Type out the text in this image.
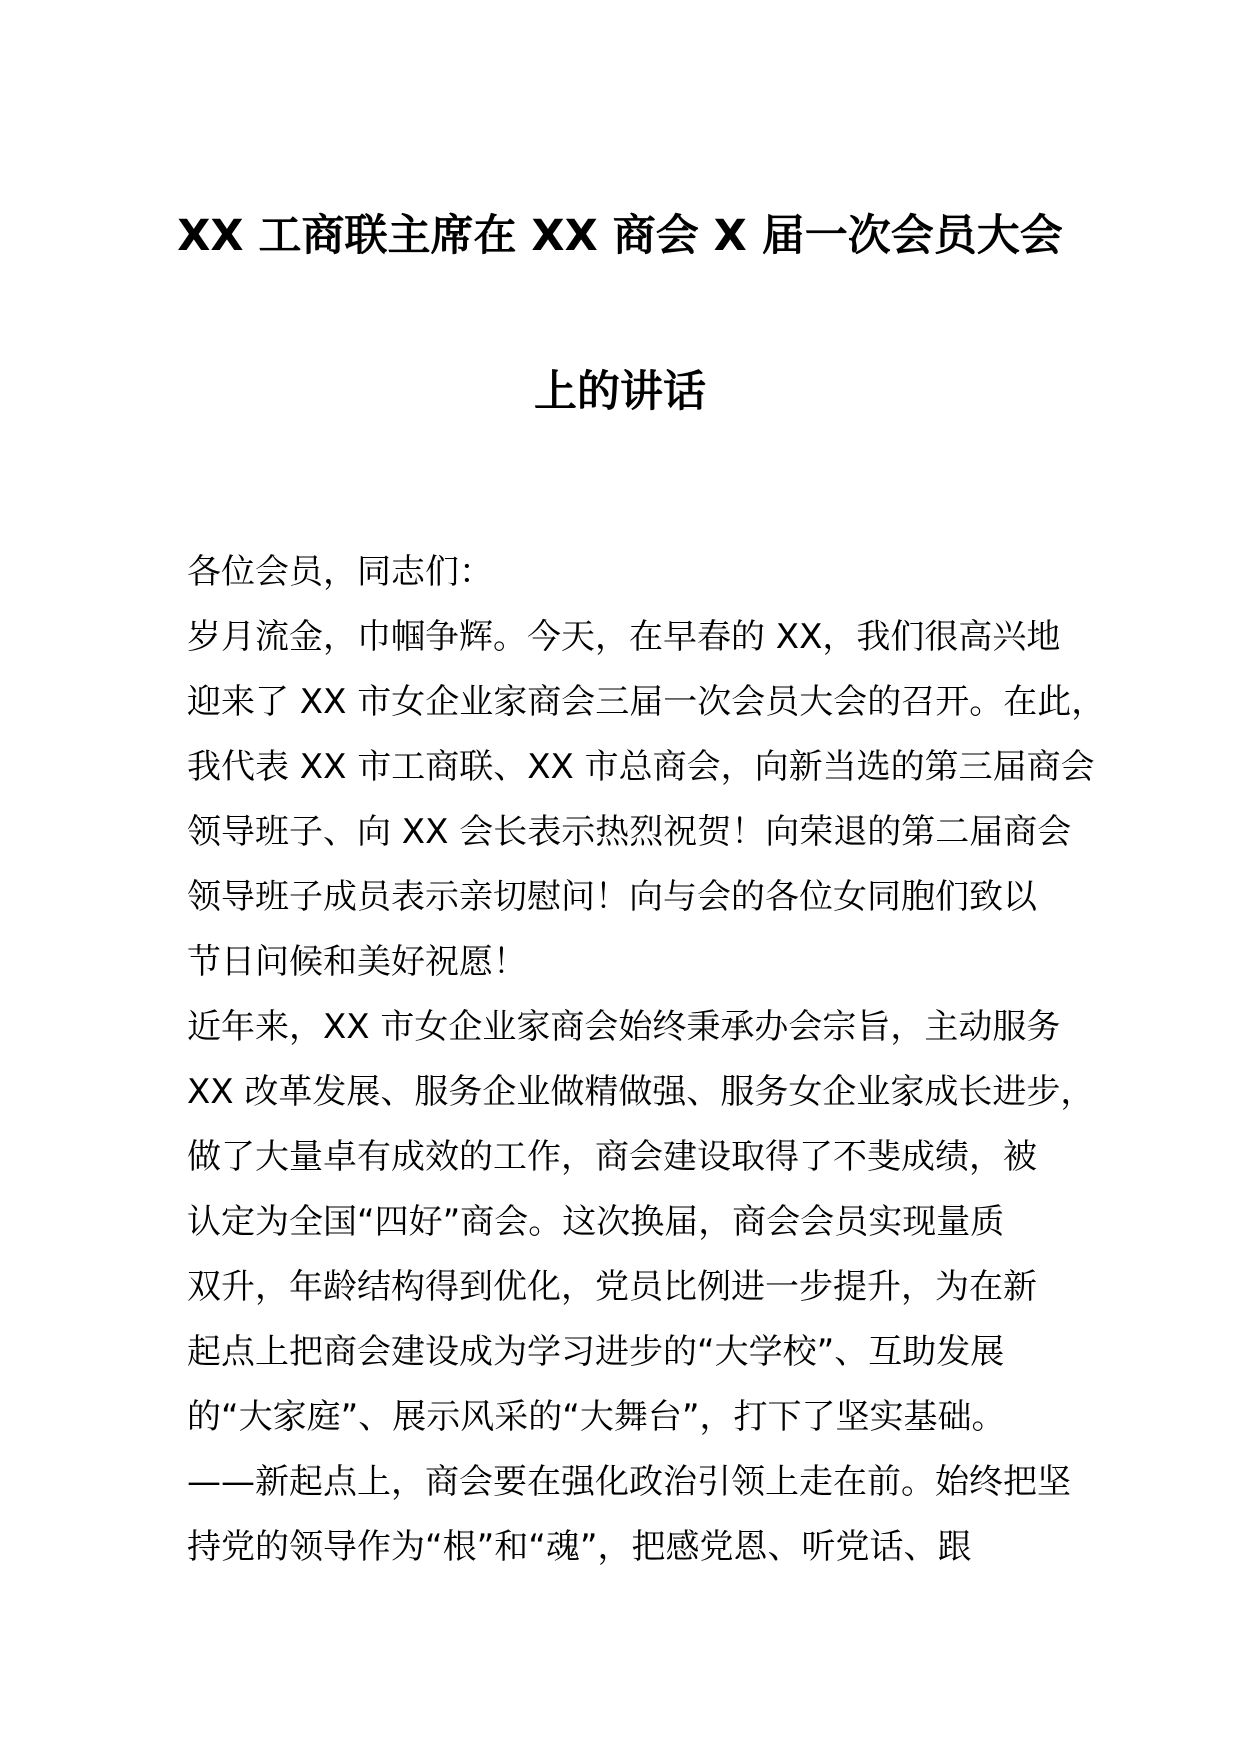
XX 工商联主席在 XX 商会 X 届一次会员大会
上的讲话
各位会员，同志们：
岁月流金，巾帼争辉。今天，在早春的 XX，我们很高兴地
迎来了 XX 市女企业家商会三届一次会员大会的召开。在此，
我代表 XX 市工商联、XX 市总商会，向新当选的第三届商会
领导班子、向 XX 会长表示热烈祝贺！向荣退的第二届商会
领导班子成员表示亲切慰问！向与会的各位女同胞们致以
节日问候和美好祝愿！
近年来，XX 市女企业家商会始终秉承办会宗旨，主动服务
XX 改革发展、服务企业做精做强、服务女企业家成长进步，
做了大量卓有成效的工作，商会建设取得了不斐成绩，被
认定为全国“四好”商会。这次换届，商会会员实现量质
双升，年龄结构得到优化，党员比例进一步提升，为在新
起点上把商会建设成为学习进步的“大学校”、互助发展
的“大家庭”、展示风采的“大舞台”，打下了坚实基础。
——新起点上，商会要在强化政治引领上走在前。始终把坚
持党的领导作为“根”和“魂”，把感党恩、听党话、跟
